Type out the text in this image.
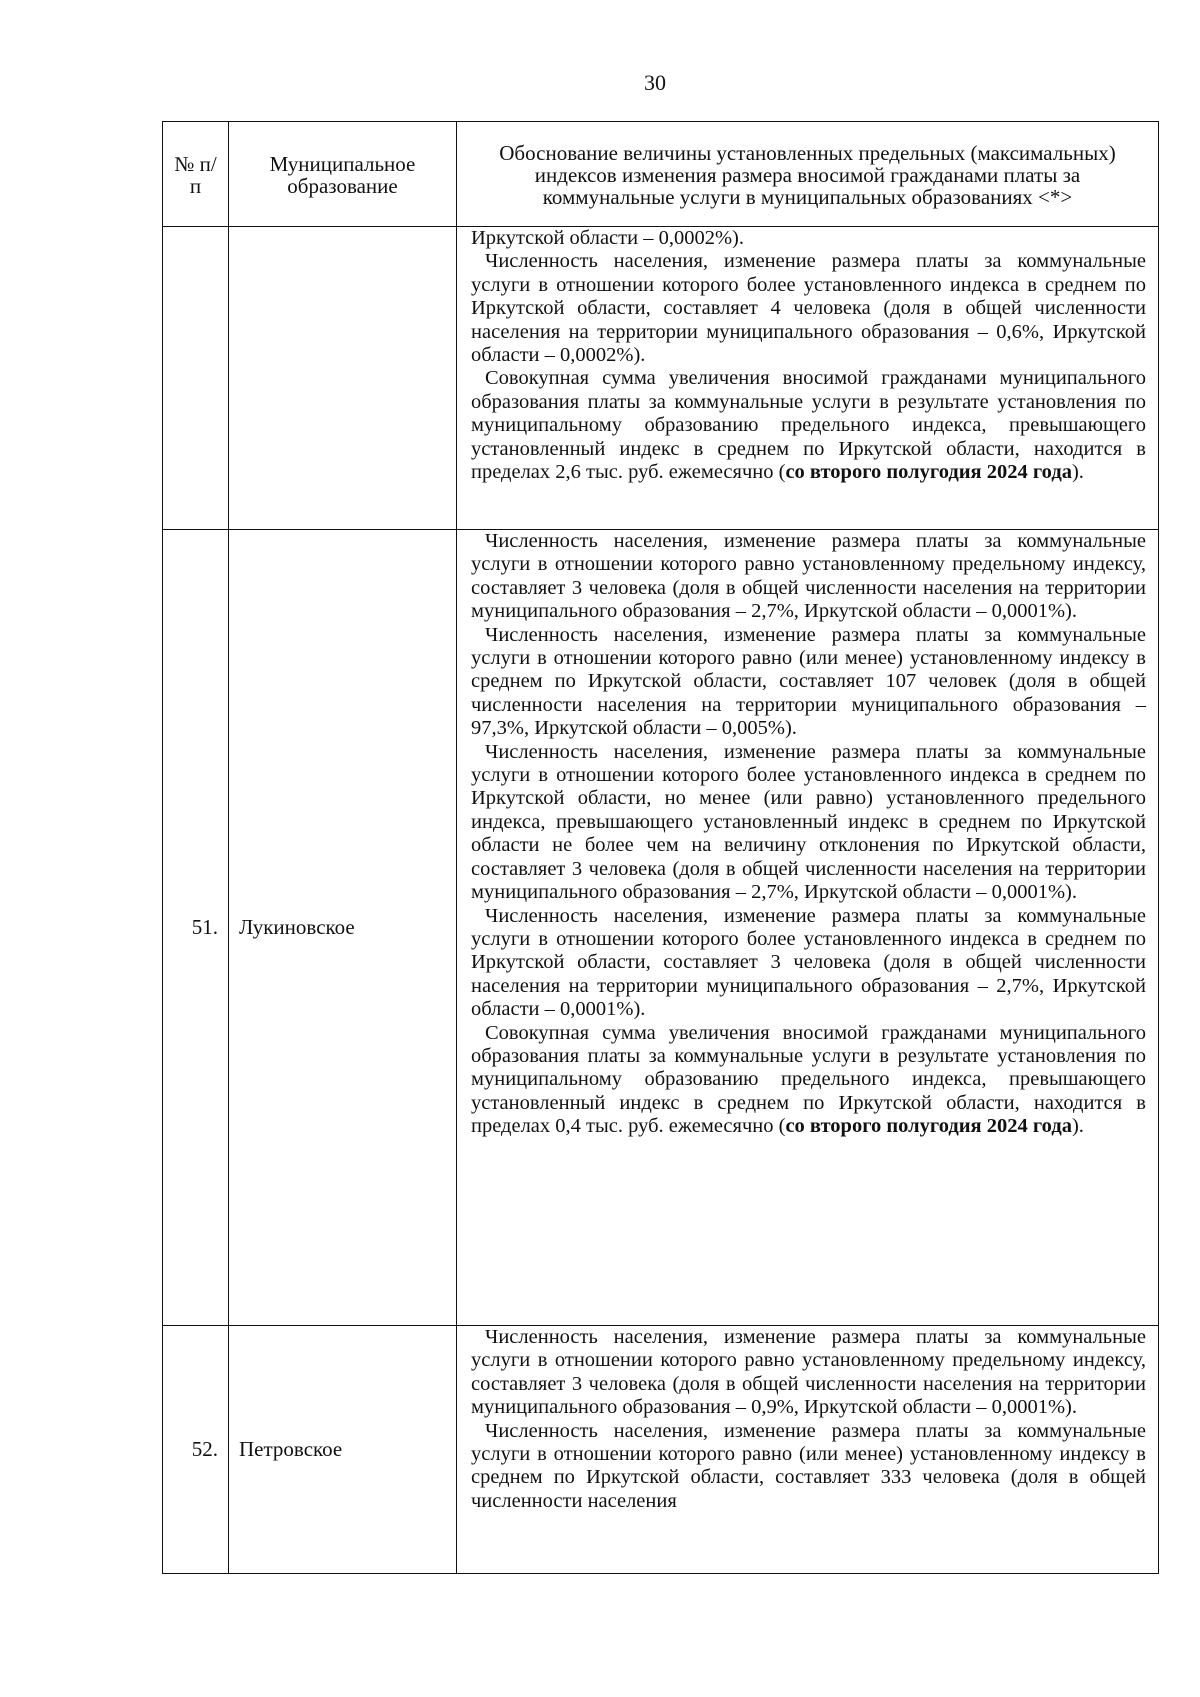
30
№ п/п	Муниципальное образование	Обоснование величины установленных предельных (максимальных) индексов изменения размера вносимой гражданами платы за коммунальные услуги в муниципальных образованиях <*>

		Иркутской области – 0,0002%).

Численность населения, изменение размера платы за коммунальные услуги в отношении которого более установленного индекса в среднем по Иркутской области, составляет 4 человека (доля в общей численности населения на территории муниципального образования – 0,6%, Иркутской области – 0,0002%).

Совокупная сумма увеличения вносимой гражданами муниципального образования платы за коммунальные услуги в результате установления по муниципальному образованию предельного индекса, превышающего установленный индекс в среднем по Иркутской области, находится в пределах 2,6 тыс. руб. ежемесячно (со второго полугодия 2024 года).

51.	Лукиновское	Численность населения, изменение размера платы за коммунальные услуги в отношении которого равно установленному предельному индексу, составляет 3 человека (доля в общей численности населения на территории муниципального образования – 2,7%, Иркутской области – 0,0001%).

Численность населения, изменение размера платы за коммунальные услуги в отношении которого равно (или менее) установленному индексу в среднем по Иркутской области, составляет 107 человек (доля в общей численности населения на территории муниципального образования – 97,3%, Иркутской области – 0,005%).

Численность населения, изменение размера платы за коммунальные услуги в отношении которого более установленного индекса в среднем по Иркутской области, но менее (или равно) установленного предельного индекса, превышающего установленный индекс в среднем по Иркутской области не более чем на величину отклонения по Иркутской области, составляет 3 человека (доля в общей численности населения на территории муниципального образования – 2,7%, Иркутской области – 0,0001%).

Численность населения, изменение размера платы за коммунальные услуги в отношении которого более установленного индекса в среднем по Иркутской области, составляет 3 человека (доля в общей численности населения на территории муниципального образования – 2,7%, Иркутской области – 0,0001%).

Совокупная сумма увеличения вносимой гражданами муниципального образования платы за коммунальные услуги в результате установления по муниципальному образованию предельного индекса, превышающего установленный индекс в среднем по Иркутской области, находится в пределах 0,4 тыс. руб. ежемесячно (со второго полугодия 2024 года).

52.	Петровское	Численность населения, изменение размера платы за коммунальные услуги в отношении которого равно установленному предельному индексу, составляет 3 человека (доля в общей численности населения на территории муниципального образования – 0,9%, Иркутской области – 0,0001%).

Численность населения, изменение размера платы за коммунальные услуги в отношении которого равно (или менее) установленному индексу в среднем по Иркутской области, составляет 333 человека (доля в общей численности населения
